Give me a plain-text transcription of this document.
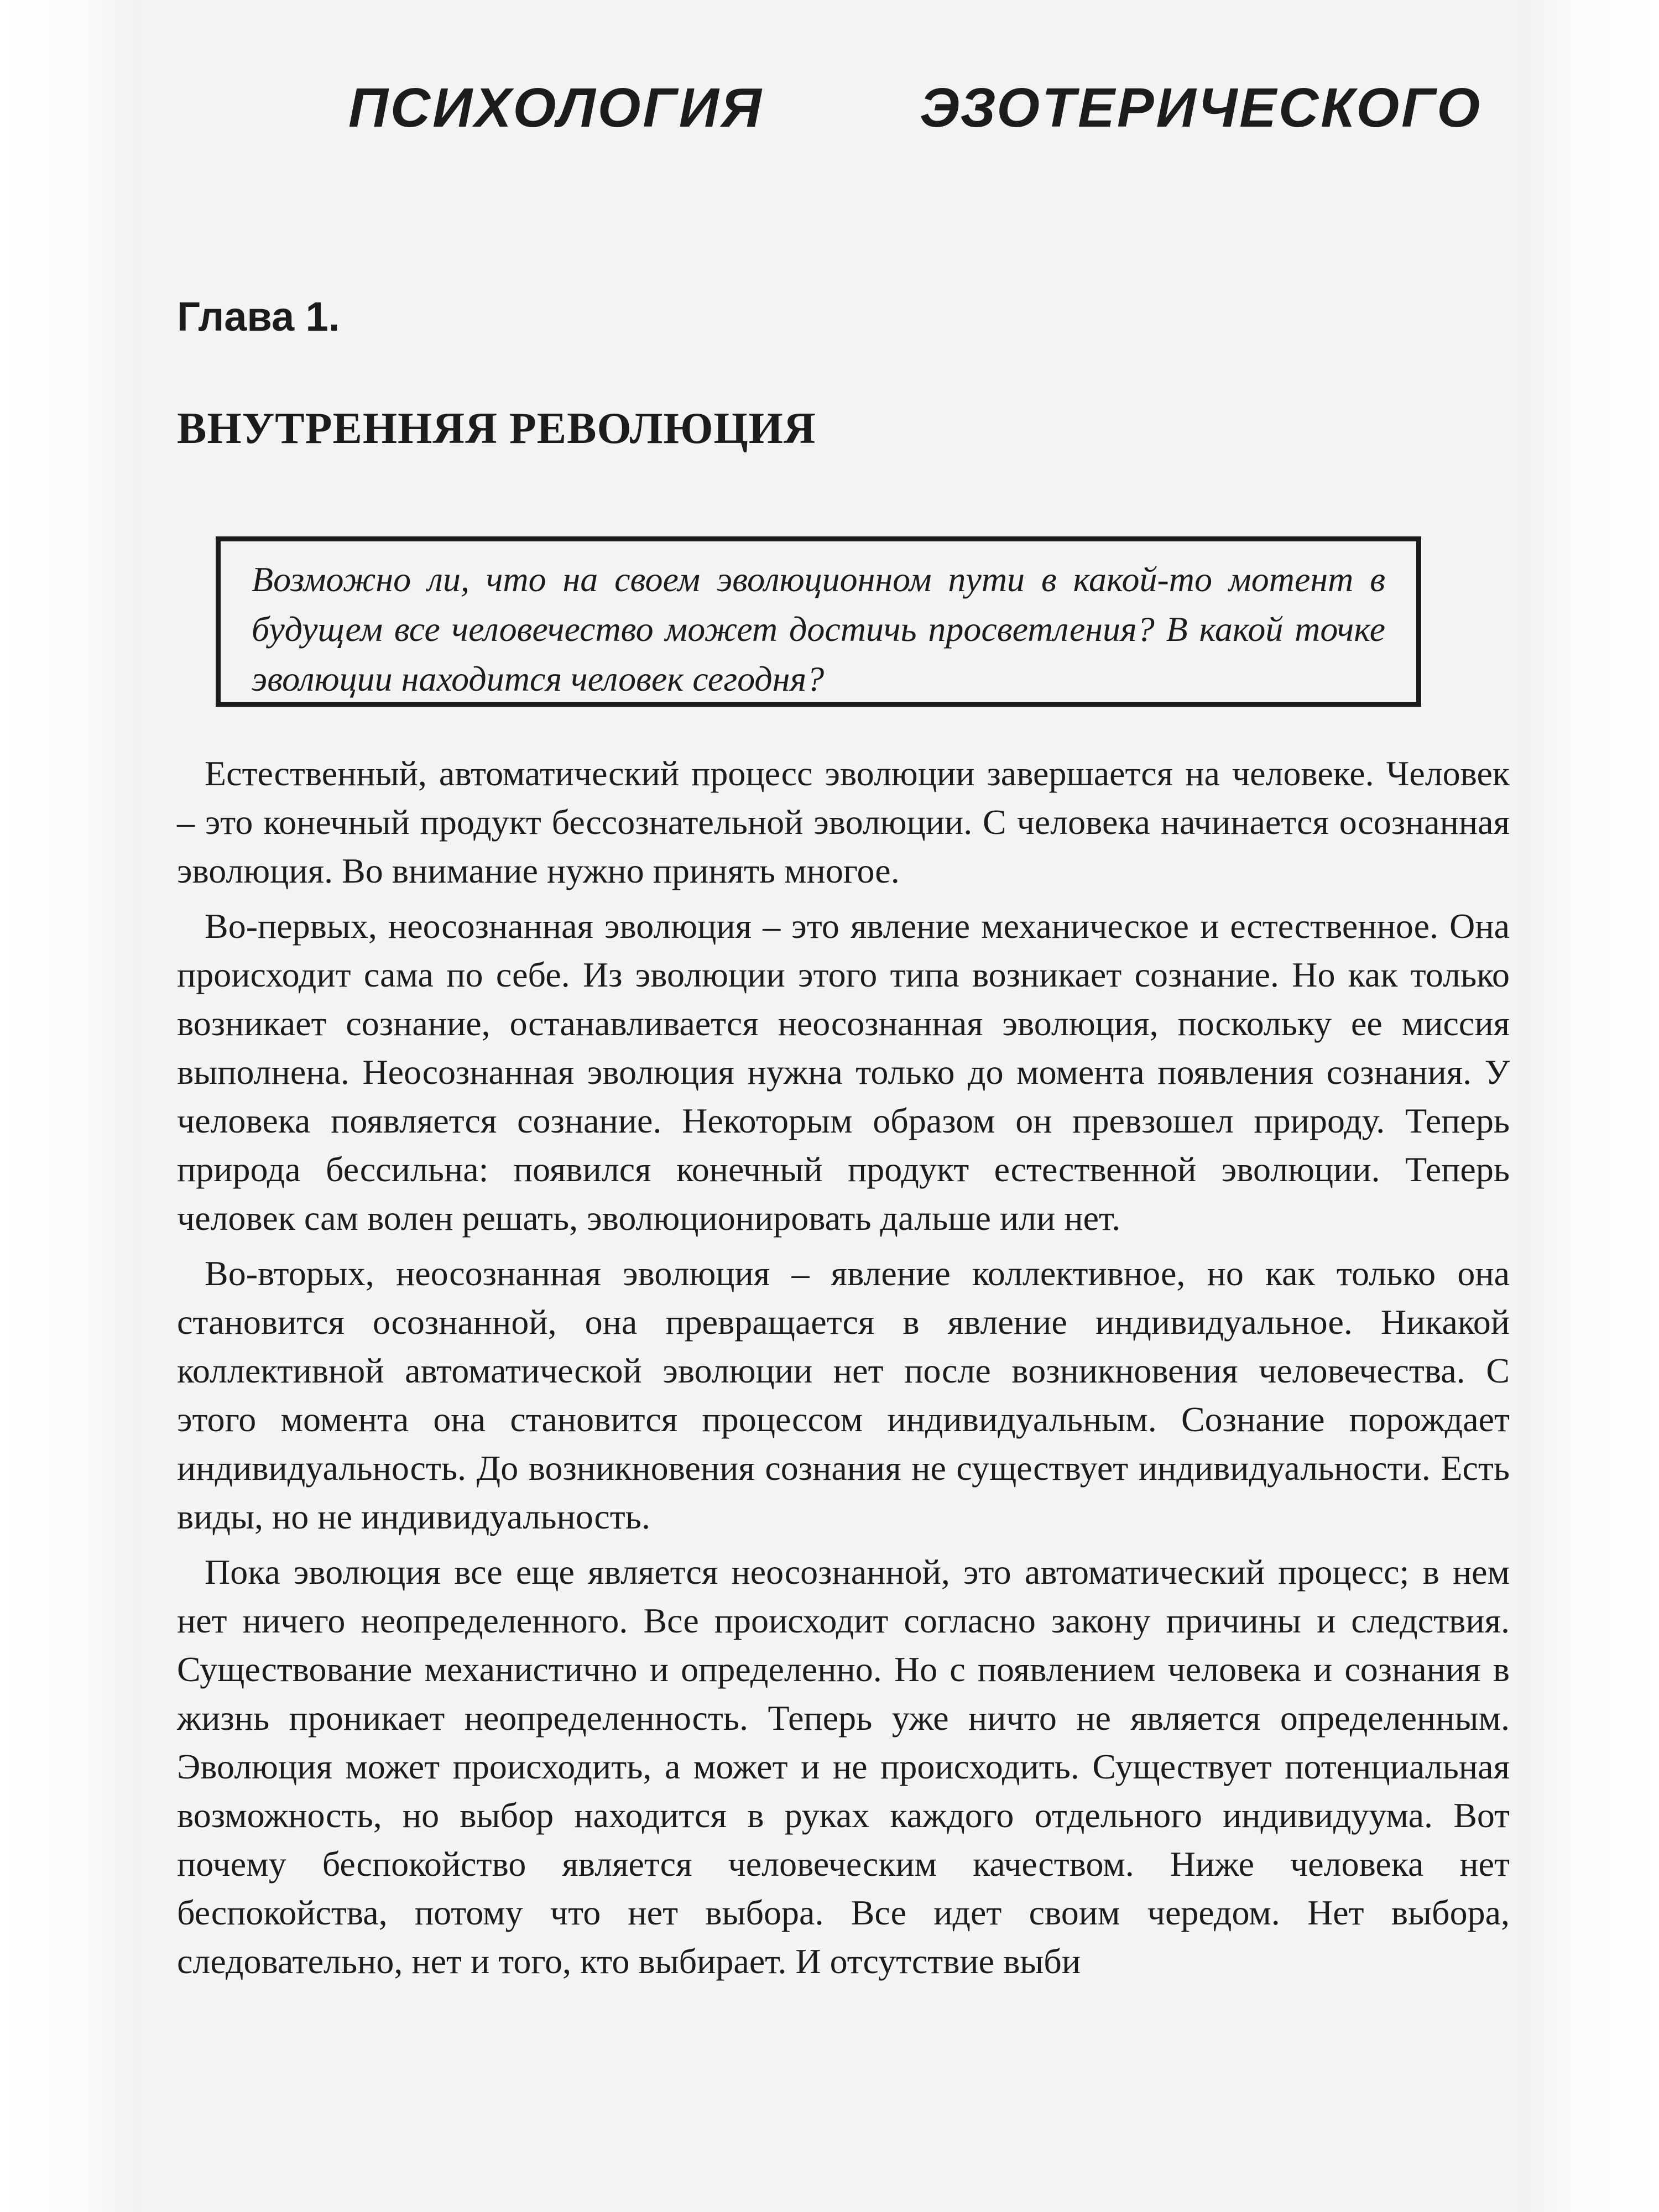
ПСИХОЛОГИЯ	ЭЗОТЕРИЧЕСКОГО
Глава 1.
ВНУТРЕННЯЯ РЕВОЛЮЦИЯ
Возможно ли, что на своем эволюционном пути в какой-то моmент в будущем все человечество может достичь просветления? В какой точке эволюции находится человек сегодня?

Естественный, автоматический процесс эволюции завершается на человеке. Человек – это конечный продукт бессознательной эволюции. С человека начинается осознанная эволюция. Во внимание нужно принять многое.

Во-первых, неосознанная эволюция – это явление механическое и естественное. Она происходит сама по себе. Из эволюции этого типа возникает сознание. Но как только возникает сознание, останавливается неосознанная эволюция, поскольку ее миссия выполнена. Неосознанная эволюция нужна только до момента появления сознания. У человека появляется сознание. Некоторым образом он превзошел природу. Теперь природа бессильна: появился конечный продукт естественной эволюции. Теперь человек сам волен решать, эволюционировать дальше или нет.

Во-вторых, неосознанная эволюция – явление коллективное, но как только она становится осознанной, она превращается в явление индивидуальное. Никакой коллективной автоматической эволюции нет после возникновения человечества. С этого момента она становится процессом индивидуальным. Сознание порождает индивидуальность. До возникновения сознания не существует индивидуальности. Есть виды, но не индивидуальность.

Пока эволюция все еще является неосознанной, это автоматический процесс; в нем нет ничего неопределенного. Все происходит согласно закону причины и следствия. Существование механистично и определенно. Но с появлением человека и сознания в жизнь проникает неопределенность. Теперь уже ничто не является определенным. Эволюция может происходить, а может и не происходить. Существует потенциальная возможность, но выбор находится в руках каждого отдельного индивидуума. Вот почему беспокойство является человеческим качеством. Ниже человека нет беспокойства, потому что нет выбора. Все идет своим чередом. Нет выбора, следовательно, нет и того, кто выбирает. И отсутствие выби
